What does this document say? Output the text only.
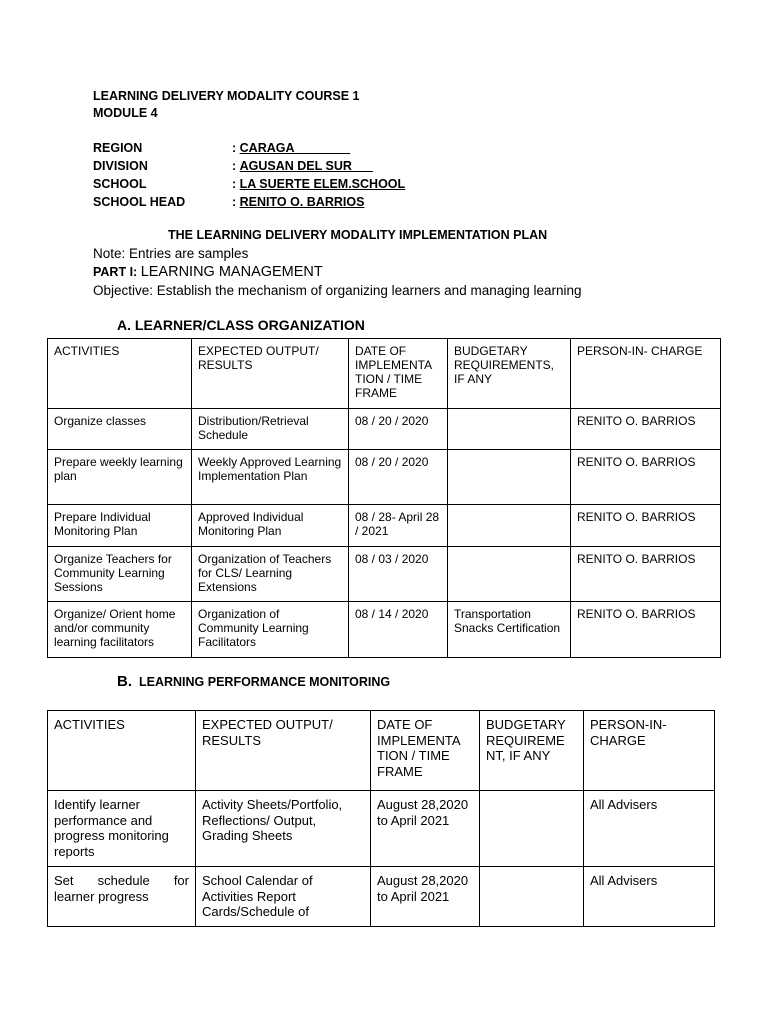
LEARNING DELIVERY MODALITY COURSE 1
MODULE 4
REGION	: CARAGA________
DIVISION	: AGUSAN DEL SUR___
SCHOOL	: LA SUERTE ELEM.SCHOOL
SCHOOL HEAD	: RENITO O. BARRIOS
THE LEARNING DELIVERY MODALITY IMPLEMENTATION PLAN
Note: Entries are samples
PART I: LEARNING MANAGEMENT
Objective: Establish the mechanism of organizing learners and managing learning
A. LEARNER/CLASS ORGANIZATION
ACTIVITIES	EXPECTED OUTPUT/ RESULTS	DATE OF IMPLEMENTA TION / TIME FRAME	BUDGETARY REQUIREMENTS, IF ANY	PERSON-IN- CHARGE
Organize classes	Distribution/Retrieval Schedule	08 / 20 / 2020		RENITO O. BARRIOS
Prepare weekly learning plan	Weekly Approved Learning Implementation Plan	08 / 20 / 2020		RENITO O. BARRIOS
Prepare Individual Monitoring Plan	Approved Individual Monitoring Plan	08 / 28- April 28 / 2021		RENITO O. BARRIOS
Organize Teachers for Community Learning Sessions	Organization of Teachers for CLS/ Learning Extensions	08 / 03 / 2020		RENITO O. BARRIOS
Organize/ Orient home and/or community learning facilitators	Organization of Community Learning Facilitators	08 / 14 / 2020	Transportation Snacks Certification	RENITO O. BARRIOS
B. LEARNING PERFORMANCE MONITORING
ACTIVITIES	EXPECTED OUTPUT/ RESULTS	DATE OF IMPLEMENTA TION / TIME FRAME	BUDGETARY REQUIREME NT, IF ANY	PERSON-IN- CHARGE
Identify learner performance and progress monitoring reports	Activity Sheets/Portfolio, Reflections/ Output, Grading Sheets	August 28,2020 to April 2021		All Advisers
Set schedule for learner progress	School Calendar of Activities Report Cards/Schedule of	August 28,2020 to April 2021		All Advisers
